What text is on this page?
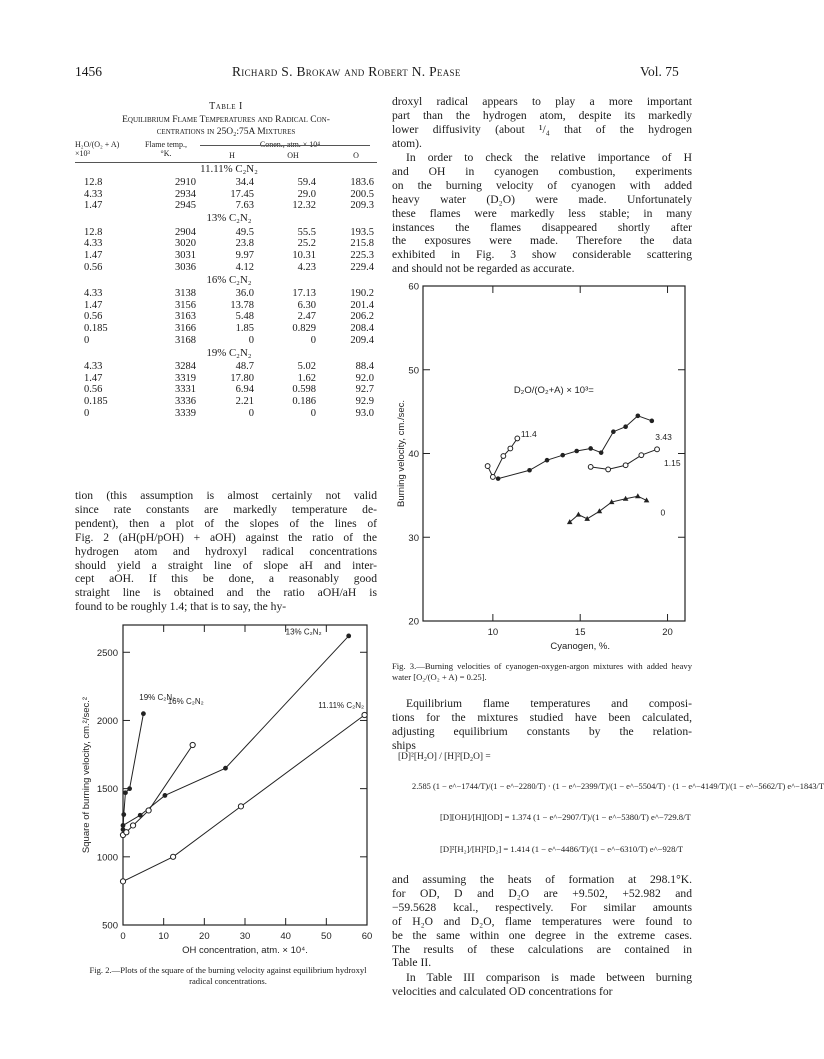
1456	Richard S. Brokaw and Robert N. Pease	Vol. 75
Table I
Equilibrium Flame Temperatures and Radical Con-
centrations in 25O₂:75A Mixtures
H₂O/(O₂ + A) ×10³
Flame temp., °K.
Conen., atm. × 10⁴
H	OH	O
11.11% C₂N₂				
12.8	2910	34.4	59.4	183.6
4.33	2934	17.45	29.0	200.5
1.47	2945	7.63	12.32	209.3
13% C₂N₂				
12.8	2904	49.5	55.5	193.5
4.33	3020	23.8	25.2	215.8
1.47	3031	9.97	10.31	225.3
0.56	3036	4.12	4.23	229.4
16% C₂N₂				
4.33	3138	36.0	17.13	190.2
1.47	3156	13.78	6.30	201.4
0.56	3163	5.48	2.47	206.2
0.185	3166	1.85	0.829	208.4
0	3168	0	0	209.4
19% C₂N₂				
4.33	3284	48.7	5.02	88.4
1.47	3319	17.80	1.62	92.0
0.56	3331	6.94	0.598	92.7
0.185	3336	2.21	0.186	92.9
0	3339	0	0	93.0
tion (this assumption is almost certainly not valid
since rate constants are markedly temperature de-
pendent), then a plot of the slopes of the lines of
Fig. 2 (aH(pH/pOH) + aOH) against the ratio of the
hydrogen atom and hydroxyl radical concentrations
should yield a straight line of slope aH and inter-
cept aOH. If this be done, a reasonably good
straight line is obtained and the ratio aOH/aH is
found to be roughly 1.4; that is to say, the hy-
0	10	20	30	40	50	60
500
1000
1500
2000
2500
OH concentration, atm. × 10⁴.
Square of burning velocity, cm.²/sec.²
13% C₂N₂
11.11% C₂N₂
19% C₂N₂
16% C₂N₂
Fig. 2.—Plots of the square of the burning velocity against equilibrium hydroxyl radical concentrations.
droxyl radical appears to play a more important
part than the hydrogen atom, despite its markedly
lower diffusivity (about ¹/₄ that of the hydrogen
atom).
In order to check the relative importance of H
and OH in cyanogen combustion, experiments
on the burning velocity of cyanogen with added
heavy water (D₂O) were made. Unfortunately
these flames were markedly less stable; in many
instances the flames disappeared shortly after
the exposures were made. Therefore the data
exhibited in Fig. 3 show considerable scattering
and should not be regarded as accurate.
10	15	20
20
30
40
50
60
Cyanogen, %.
Burning velocity, cm./sec.
D₂O/(O₂+A) × 10³=
11.4	3.43
1.15
0
Fig. 3.—Burning velocities of cyanogen-oxygen-argon mixtures with added heavy water [O₂/(O₂ + A) = 0.25].
Equilibrium flame temperatures and composi-
tions for the mixtures studied have been calculated,
adjusting equilibrium constants by the relation-
ships
[D]²[H₂O] / [H]²[D₂O] =
2.585 (1 − e^−1744/T)/(1 − e^−2280/T) · (1 − e^−2399/T)/(1 − e^−5504/T) · (1 − e^−4149/T)/(1 − e^−5662/T) e^−1843/T
[D][OH]/[H][OD] = 1.374 (1 − e^−2907/T)/(1 − e^−5380/T) e^−729.8/T
[D]²[H₂]/[H]²[D₂] = 1.414 (1 − e^−4486/T)/(1 − e^−6310/T) e^−928/T
and assuming the heats of formation at 298.1°K.
for OD, D and D₂O are +9.502, +52.982 and
−59.5628 kcal., respectively. For similar amounts
of H₂O and D₂O, flame temperatures were found to
be the same within one degree in the extreme cases.
The results of these calculations are contained in
Table II.
In Table III comparison is made between burning
velocities and calculated OD concentrations for
